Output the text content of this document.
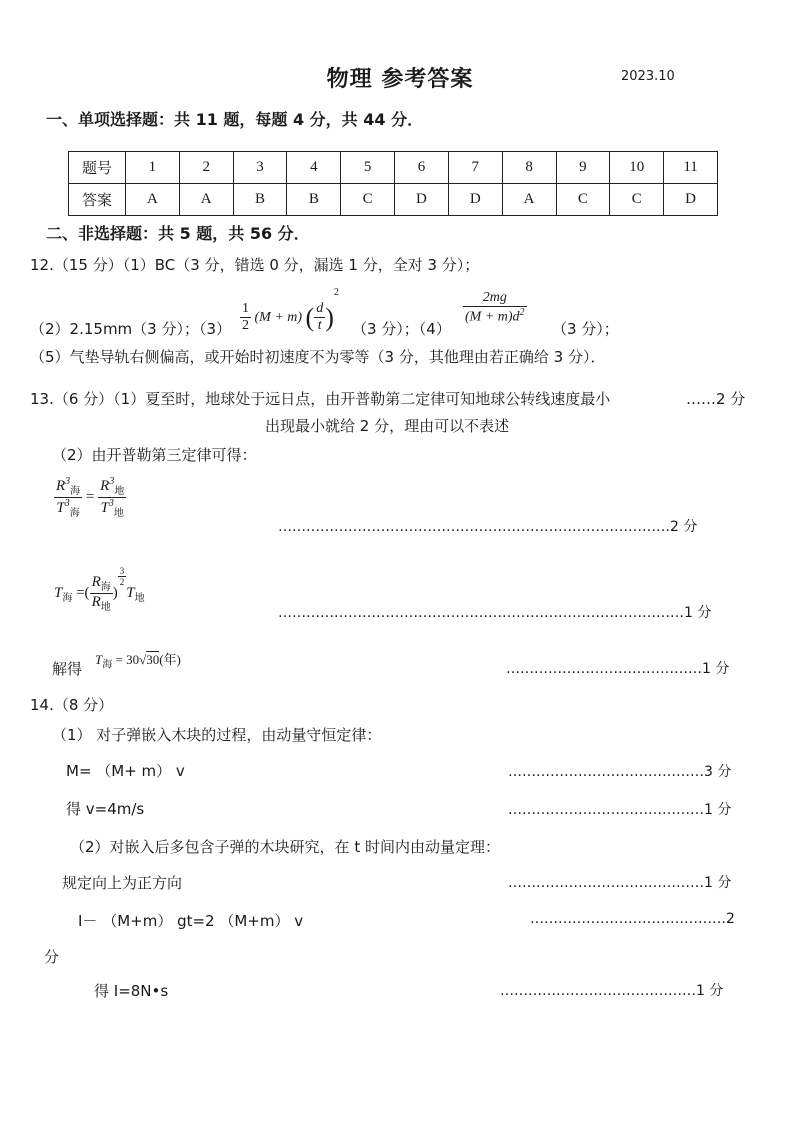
物理 参考答案	2023.10
一、单项选择题：共 11 题，每题 4 分，共 44 分．
题号	1	2	3	4	5	6	7	8	9	10	11
答案	A	A	B	B	C	D	D	A	C	C	D
二、非选择题：共 5 题，共 56 分．
12.（15 分）（1）BC（3 分，错选 0 分，漏选 1 分，全对 3 分）；
（2）2.15mm（3 分）；$(3) \frac{1}{2} (M + m)$ ( $\frac{d}{t} )^2$
（3 分）；（4）
$\frac{2mg}{(M + m)d^2}$
（3 分）；
（5）气垫导轨右侧偏高，或开始时初速度不为零等（3 分，其他理由若正确给 3 分）．
13.（6 分）（1）夏至时，地球处于远日点，由开普勒第二定律可知地球公转线速度最小	……2 分
出现最小就给 2 分，理由可以不表述
（2）由开普勒第三定律可得：
$\frac{R^3_海}{T^3_海} = \frac{R^3_地}{T^3_地}$
…………………………………………………………………………2 分
$T_海$ =( $\frac{R_海}{R_地}$ )
$\frac{3}{2}$
$T_地$
……………………………………………………………………………1 分
解得
$T_海 = 30√30$(年)
……………………………………1 分
14.（8 分）
（1） 对子弹嵌入木块的过程，由动量守恒定律：
M= （M+ m） v	……………………………………3 分
得 v=4m/s	……………………………………1 分
（2）对嵌入后多包含子弹的木块研究，在 t 时间内由动量定理：
规定向上为正方向	……………………………………1 分
I－ （M+m） gt=2 （M+m） v	……………………………………2
分
得 I=8N•s	……………………………………1 分
